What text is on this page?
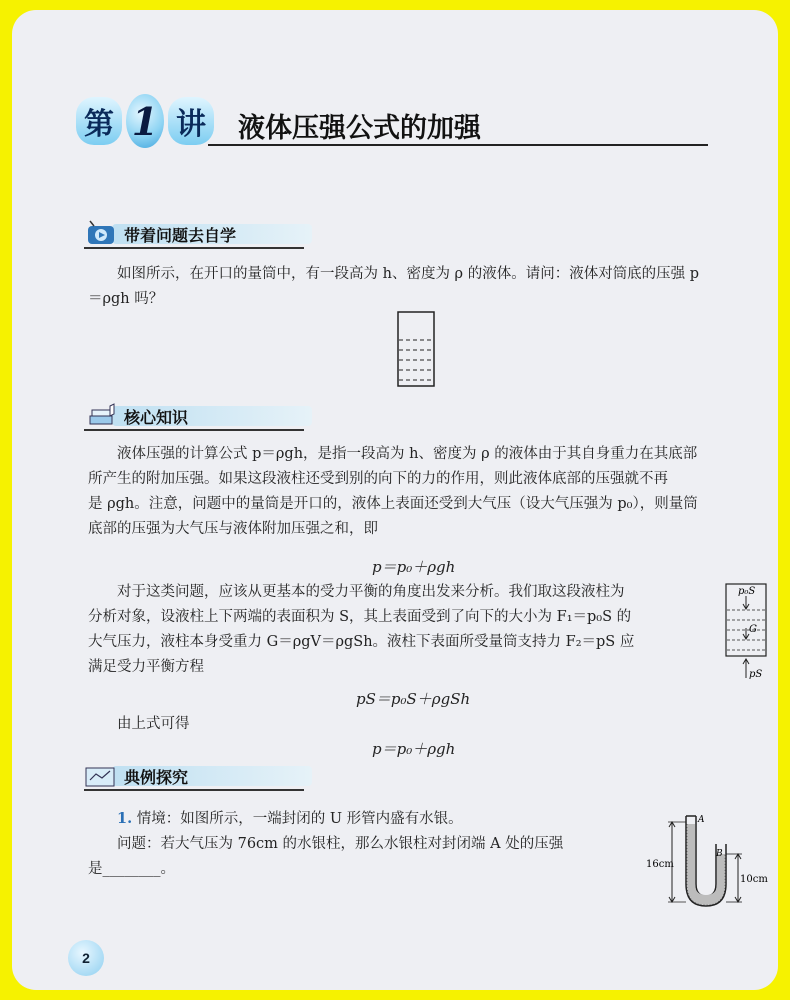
第 1 讲 液体压强公式的加强
带着问题去自学
如图所示，在开口的量筒中，有一段高为 h、密度为 ρ 的液体。请问：液体对筒底的压强 p
＝ρgh 吗？
核心知识
液体压强的计算公式 p＝ρgh，是指一段高为 h、密度为 ρ 的液体由于其自身重力在其底部
所产生的附加压强。如果这段液柱还受到别的向下的力的作用，则此液体底部的压强就不再
是 ρgh。注意，问题中的量筒是开口的，液体上表面还受到大气压（设大气压强为 p₀），则量筒
底部的压强为大气压与液体附加压强之和，即
p＝p₀＋ρgh
对于这类问题，应该从更基本的受力平衡的角度出发来分析。我们取这段液柱为
分析对象，设液柱上下两端的表面积为 S，其上表面受到了向下的大小为 F₁＝p₀S 的
大气压力，液柱本身受重力 G＝ρgV＝ρgSh。液柱下表面所受量筒支持力 F₂＝pS 应
满足受力平衡方程
p₀S
G
pS
pS＝p₀S＋ρgSh
由上式可得
p＝p₀＋ρgh
典例探究
1. 情境：如图所示，一端封闭的 U 形管内盛有水银。
问题：若大气压为 76cm 的水银柱，那么水银柱对封闭端 A 处的压强
是________。	16cm
10cm
A
B
2
